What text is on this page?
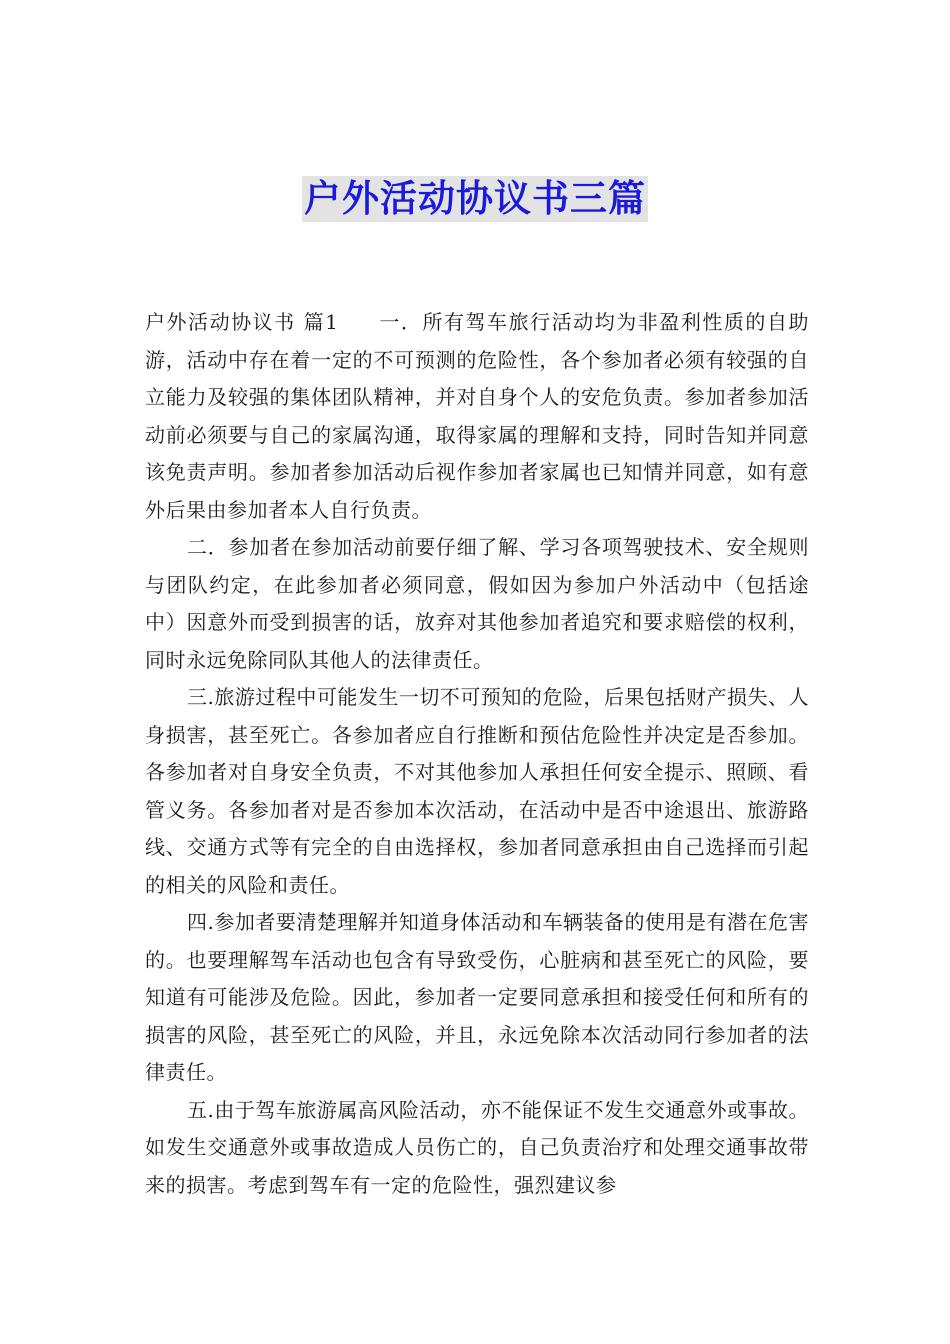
户外活动协议书三篇

户外活动协议书 篇1 一．所有驾车旅行活动均为非盈利性质的自助游，活动中存在着一定的不可预测的危险性，各个参加者必须有较强的自立能力及较强的集体团队精神，并对自身个人的安危负责。参加者参加活动前必须要与自己的家属沟通，取得家属的理解和支持，同时告知并同意该免责声明。参加者参加活动后视作参加者家属也已知情并同意，如有意外后果由参加者本人自行负责。

二．参加者在参加活动前要仔细了解、学习各项驾驶技术、安全规则与团队约定，在此参加者必须同意，假如因为参加户外活动中（包括途中）因意外而受到损害的话，放弃对其他参加者追究和要求赔偿的权利，同时永远免除同队其他人的法律责任。

三.旅游过程中可能发生一切不可预知的危险，后果包括财产损失、人身损害，甚至死亡。各参加者应自行推断和预估危险性并决定是否参加。各参加者对自身安全负责，不对其他参加人承担任何安全提示、照顾、看管义务。各参加者对是否参加本次活动，在活动中是否中途退出、旅游路线、交通方式等有完全的自由选择权，参加者同意承担由自己选择而引起的相关的风险和责任。

四.参加者要清楚理解并知道身体活动和车辆装备的使用是有潜在危害的。也要理解驾车活动也包含有导致受伤，心脏病和甚至死亡的风险，要知道有可能涉及危险。因此，参加者一定要同意承担和接受任何和所有的损害的风险，甚至死亡的风险，并且，永远免除本次活动同行参加者的法律责任。

五.由于驾车旅游属高风险活动，亦不能保证不发生交通意外或事故。如发生交通意外或事故造成人员伤亡的，自己负责治疗和处理交通事故带来的损害。考虑到驾车有一定的危险性，强烈建议参
